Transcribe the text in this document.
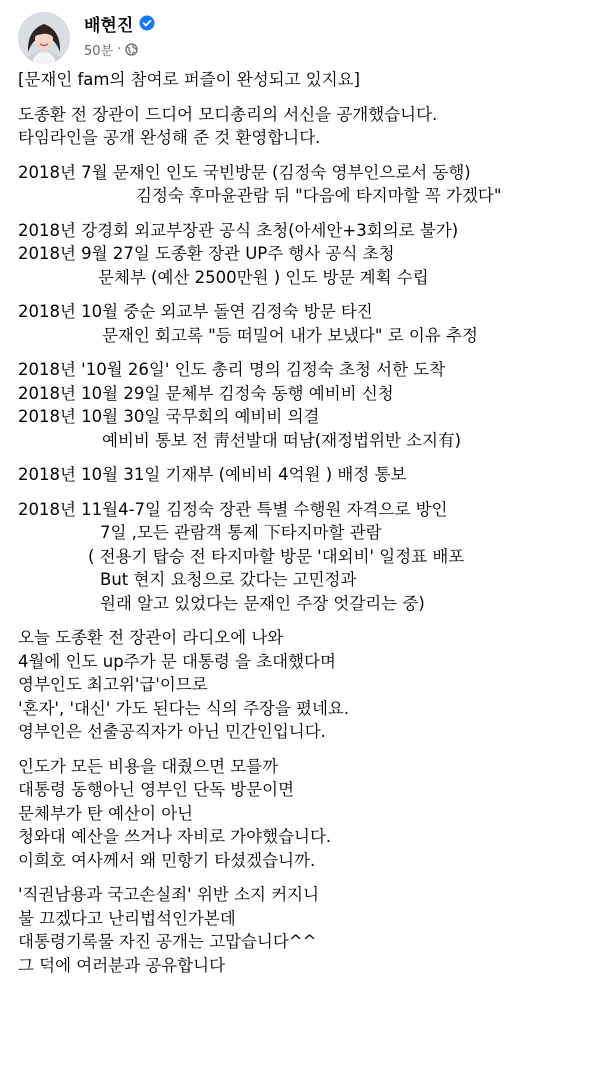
배현진
50분 ·
[문재인 fam의 참여로 퍼즐이 완성되고 있지요]
도종환 전 장관이 드디어 모디총리의 서신을 공개했습니다.
타임라인을 공개 완성해 준 것 환영합니다.
2018년 7월 문재인 인도 국빈방문 (김정숙 영부인으로서 동행)
김정숙 후마윤관람 뒤 "다음에 타지마할 꼭 가겠다"
2018년 강경회 외교부장관 공식 초청(아세안+3회의로 불가)
2018년 9월 27일 도종환 장관 UP주 행사 공식 초청
문체부 (예산 2500만원 ) 인도 방문 계획 수립
2018년 10월 중순 외교부 돌연 김정숙 방문 타진
문재인 회고록 "등 떠밀어 내가 보냈다" 로 이유 추정
2018년 '10월 26일' 인도 총리 명의 김정숙 초청 서한 도착
2018년 10월 29일 문체부 김정숙 동행 예비비 신청
2018년 10월 30일 국무회의 예비비 의결
예비비 통보 전 靑선발대 떠남(재정법위반 소지有)
2018년 10월 31일 기재부 (예비비 4억원 ) 배정 통보
2018년 11월4-7일 김정숙 장관 특별 수행원 자격으로 방인
7일 ,모든 관람객 통제 下타지마할 관람
( 전용기 탑승 전 타지마할 방문 '대외비' 일정표 배포
But 현지 요청으로 갔다는 고민정과
원래 알고 있었다는 문재인 주장 엇갈리는 중)
오늘 도종환 전 장관이 라디오에 나와
4월에 인도 up주가 문 대통령 을 초대했다며
영부인도 최고위'급'이므로
'혼자', '대신' 가도 된다는 식의 주장을 폈네요.
영부인은 선출공직자가 아닌 민간인입니다.
인도가 모든 비용을 대줬으면 모를까
대통령 동행아닌 영부인 단독 방문이면
문체부가 탄 예산이 아닌
청와대 예산을 쓰거나 자비로 가야했습니다.
이희호 여사께서 왜 민항기 타셨겠습니까.
'직권남용과 국고손실죄' 위반 소지 커지니
불 끄겠다고 난리법석인가본데
대통령기록물 자진 공개는 고맙습니다^^
그 덕에 여러분과 공유합니다
